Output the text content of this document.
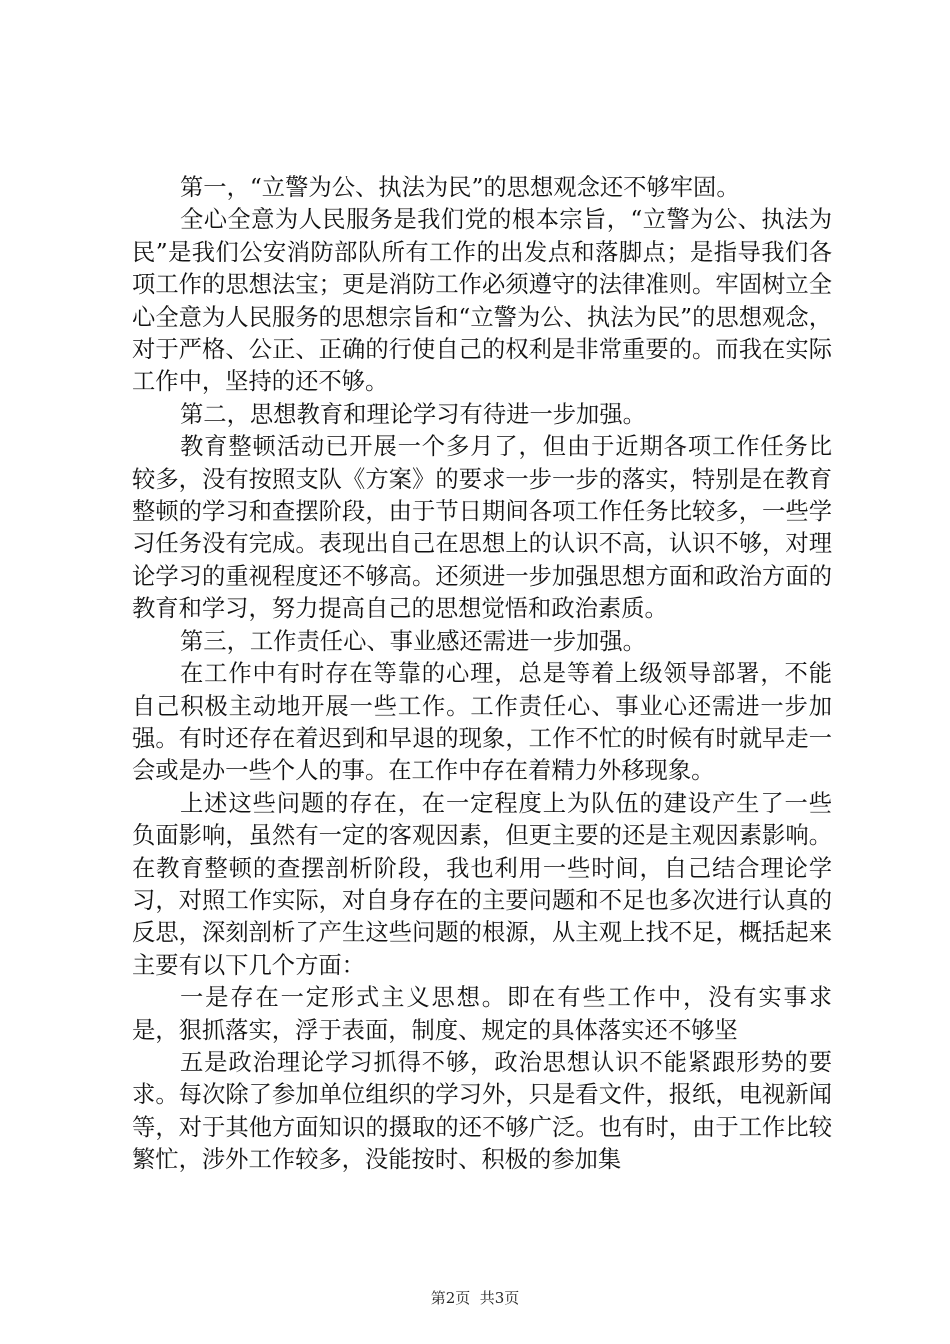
第一，“立警为公、执法为民”的思想观念还不够牢固。

全心全意为人民服务是我们党的根本宗旨，“立警为公、执法为民”是我们公安消防部队所有工作的出发点和落脚点；是指导我们各项工作的思想法宝；更是消防工作必须遵守的法律准则。牢固树立全心全意为人民服务的思想宗旨和“立警为公、执法为民”的思想观念，对于严格、公正、正确的行使自己的权利是非常重要的。而我在实际工作中，坚持的还不够。

第二，思想教育和理论学习有待进一步加强。

教育整顿活动已开展一个多月了，但由于近期各项工作任务比较多，没有按照支队《方案》的要求一步一步的落实，特别是在教育整顿的学习和查摆阶段，由于节日期间各项工作任务比较多，一些学习任务没有完成。表现出自己在思想上的认识不高，认识不够，对理论学习的重视程度还不够高。还须进一步加强思想方面和政治方面的教育和学习，努力提高自己的思想觉悟和政治素质。

第三，工作责任心、事业感还需进一步加强。

在工作中有时存在等靠的心理，总是等着上级领导部署，不能自己积极主动地开展一些工作。工作责任心、事业心还需进一步加强。有时还存在着迟到和早退的现象，工作不忙的时候有时就早走一会或是办一些个人的事。在工作中存在着精力外移现象。

上述这些问题的存在，在一定程度上为队伍的建设产生了一些负面影响，虽然有一定的客观因素，但更主要的还是主观因素影响。在教育整顿的查摆剖析阶段，我也利用一些时间，自己结合理论学习，对照工作实际，对自身存在的主要问题和不足也多次进行认真的反思，深刻剖析了产生这些问题的根源，从主观上找不足，概括起来主要有以下几个方面：

一是存在一定形式主义思想。即在有些工作中，没有实事求是，狠抓落实，浮于表面，制度、规定的具体落实还不够坚

五是政治理论学习抓得不够，政治思想认识不能紧跟形势的要求。每次除了参加单位组织的学习外，只是看文件，报纸，电视新闻等，对于其他方面知识的摄取的还不够广泛。也有时，由于工作比较繁忙，涉外工作较多，没能按时、积极的参加集

第2页  共3页
